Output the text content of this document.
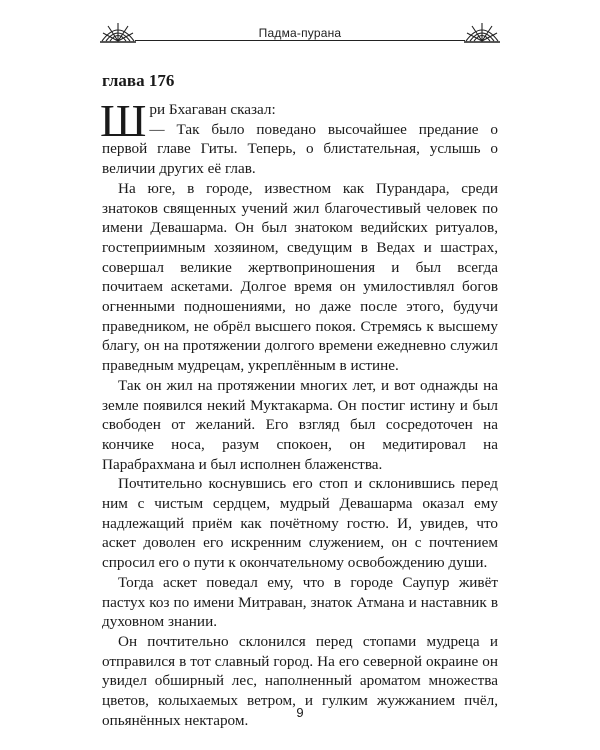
Падма-пурана
глава 176

Шри Бхагаван сказал:
— Так было поведано высочайшее предание о первой главе Гиты. Теперь, о блистательная, услышь о величии других её глав.

На юге, в городе, известном как Пурандара, среди знатоков священных учений жил благочестивый человек по имени Девашарма. Он был знатоком ведийских ритуалов, гостеприимным хозяином, сведущим в Ведах и шастрах, совершал великие жертвоприношения и был всегда почитаем аскетами. Долгое время он умилостивлял богов огненными подношениями, но даже после этого, будучи праведником, не обрёл высшего покоя. Стремясь к высшему благу, он на протяжении долгого времени ежедневно служил праведным мудрецам, укреплённым в истине.

Так он жил на протяжении многих лет, и вот однажды на земле появился некий Муктакарма. Он постиг истину и был свободен от желаний. Его взгляд был сосредоточен на кончике носа, разум спокоен, он медитировал на Парабрахмана и был исполнен блаженства.

Почтительно коснувшись его стоп и склонившись перед ним с чистым сердцем, мудрый Девашарма оказал ему надлежащий приём как почётному гостю. И, увидев, что аскет доволен его искренним служением, он с почтением спросил его о пути к окончательному освобождению души.

Тогда аскет поведал ему, что в городе Саупур живёт пастух коз по имени Митраван, знаток Атмана и наставник в духовном знании.

Он почтительно склонился перед стопами мудреца и отправился в тот славный город. На его северной окраине он увидел обширный лес, наполненный ароматом множества цветов, колыхаемых ветром, и гулким жужжанием пчёл, опьянённых нектаром.	9
